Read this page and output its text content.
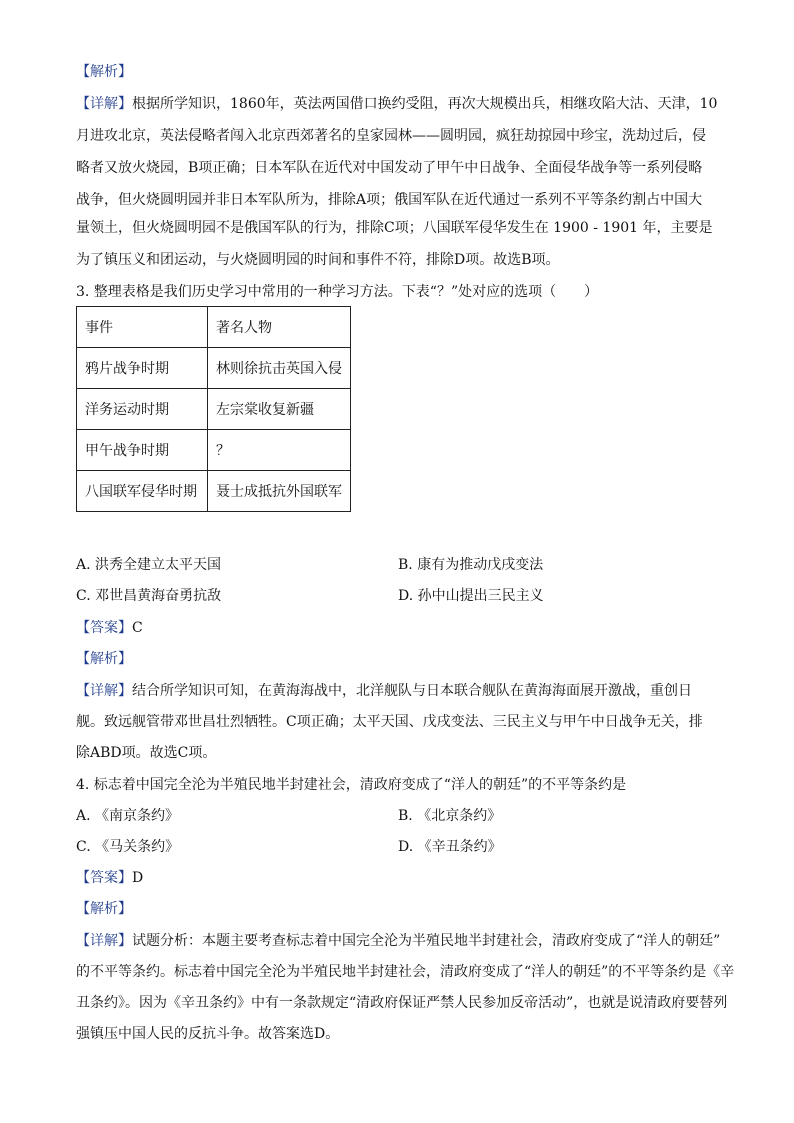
【解析】
【详解】根据所学知识，1860年，英法两国借口换约受阻，再次大规模出兵，相继攻陷大沽、天津，10
月进攻北京，英法侵略者闯入北京西郊著名的皇家园林——圆明园，疯狂劫掠园中珍宝，洗劫过后，侵
略者又放火烧园，B项正确；日本军队在近代对中国发动了甲午中日战争、全面侵华战争等一系列侵略
战争，但火烧圆明园并非日本军队所为，排除A项；俄国军队在近代通过一系列不平等条约割占中国大
量领土，但火烧圆明园不是俄国军队的行为，排除C项；八国联军侵华发生在 1900 - 1901 年，主要是
为了镇压义和团运动，与火烧圆明园的时间和事件不符，排除D项。故选B项。
3. 整理表格是我们历史学习中常用的一种学习方法。下表“？”处对应的选项（　　）
事件	著名人物
鸦片战争时期	林则徐抗击英国入侵
洋务运动时期	左宗棠收复新疆
甲午战争时期	？
八国联军侵华时期	聂士成抵抗外国联军
A. 洪秀全建立太平天国	B. 康有为推动戊戌变法
C. 邓世昌黄海奋勇抗敌	D. 孙中山提出三民主义
【答案】C
【解析】
【详解】结合所学知识可知，在黄海海战中，北洋舰队与日本联合舰队在黄海海面展开激战，重创日
舰。致远舰管带邓世昌壮烈牺牲。C项正确；太平天国、戊戌变法、三民主义与甲午中日战争无关，排
除ABD项。故选C项。
4. 标志着中国完全沦为半殖民地半封建社会，清政府变成了“洋人的朝廷”的不平等条约是
A. 《南京条约》	B. 《北京条约》
C. 《马关条约》	D. 《辛丑条约》
【答案】D
【解析】
【详解】试题分析：本题主要考查标志着中国完全沦为半殖民地半封建社会，清政府变成了“洋人的朝廷”
的不平等条约。标志着中国完全沦为半殖民地半封建社会，清政府变成了“洋人的朝廷”的不平等条约是《辛
丑条约》。因为《辛丑条约》中有一条款规定“清政府保证严禁人民参加反帝活动”，也就是说清政府要替列
强镇压中国人民的反抗斗争。故答案选D。
